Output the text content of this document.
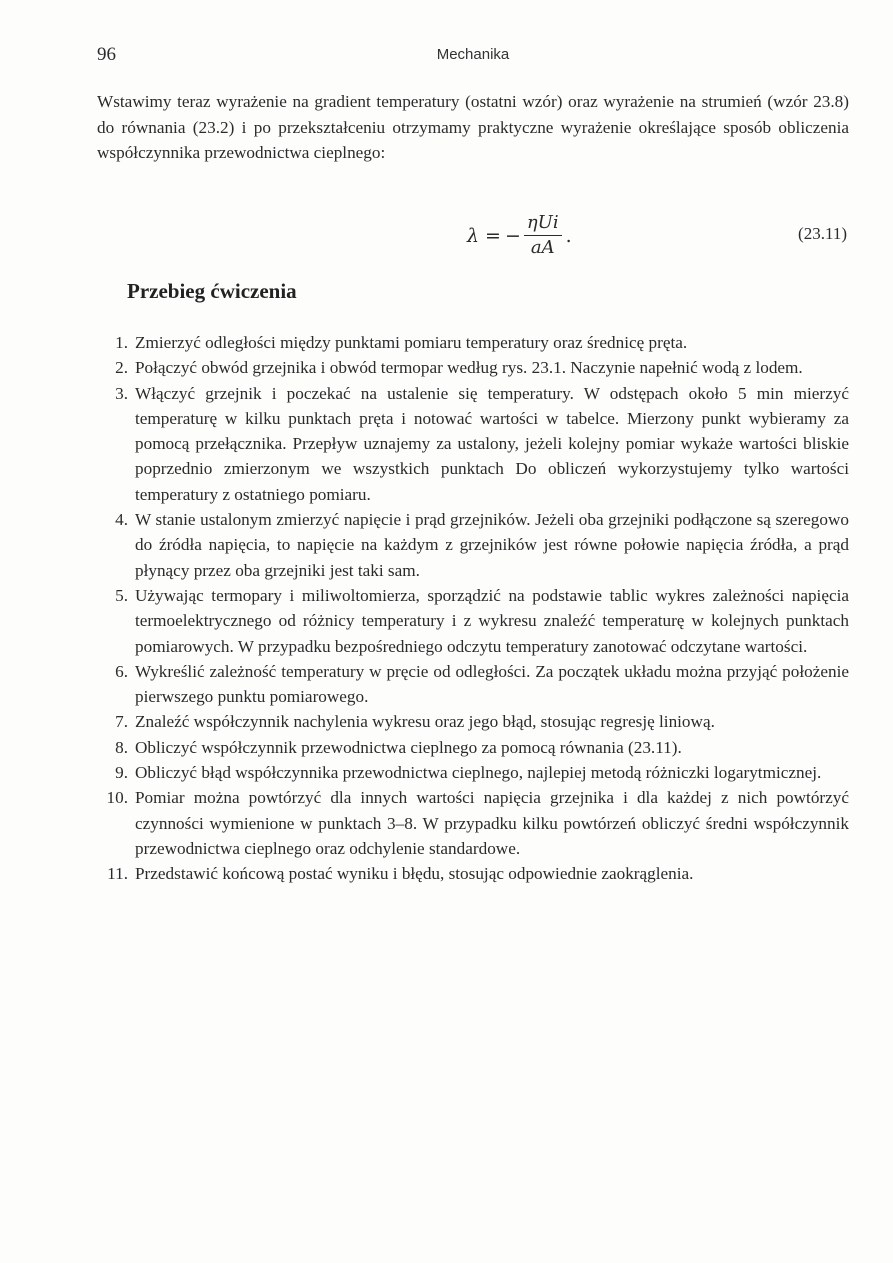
96	Mechanika

Wstawimy teraz wyrażenie na gradient temperatury (ostatni wzór) oraz wyrażenie na strumień (wzór 23.8) do równania (23.2) i po przekształceniu otrzymamy praktyczne wyrażenie określające sposób obliczenia współczynnika przewodnictwa cieplnego:

λ = − $\frac{\text{ηUi}}{aA}$ .	(23.11)
Przebieg ćwiczenia
1. Zmierzyć odległości między punktami pomiaru temperatury oraz średnicę pręta.
2. Połączyć obwód grzejnika i obwód termopar według rys. 23.1. Naczynie napełnić wodą z lodem.
3. Włączyć grzejnik i poczekać na ustalenie się temperatury. W odstępach około 5 min mierzyć temperaturę w kilku punktach pręta i notować wartości w tabelce. Mierzony punkt wybieramy za pomocą przełącznika. Przepływ uznajemy za ustalony, jeżeli kolejny pomiar wykaże wartości bliskie poprzednio zmierzonym we wszystkich punktach Do obliczeń wykorzystujemy tylko wartości temperatury z ostatniego pomiaru.
4. W stanie ustalonym zmierzyć napięcie i prąd grzejników. Jeżeli oba grzejniki podłączone są szeregowo do źródła napięcia, to napięcie na każdym z grzejników jest równe połowie napięcia źródła, a prąd płynący przez oba grzejniki jest taki sam.
5. Używając termopary i miliwoltomierza, sporządzić na podstawie tablic wykres zależności napięcia termoelektrycznego od różnicy temperatury i z wykresu znaleźć temperaturę w kolejnych punktach pomiarowych. W przypadku bezpośredniego odczytu temperatury zanotować odczytane wartości.
6. Wykreślić zależność temperatury w pręcie od odległości. Za początek układu można przyjąć położenie pierwszego punktu pomiarowego.
7. Znaleźć współczynnik nachylenia wykresu oraz jego błąd, stosując regresję liniową.
8. Obliczyć współczynnik przewodnictwa cieplnego za pomocą równania (23.11).
9. Obliczyć błąd współczynnika przewodnictwa cieplnego, najlepiej metodą różniczki logarytmicznej.
10. Pomiar można powtórzyć dla innych wartości napięcia grzejnika i dla każdej z nich powtórzyć czynności wymienione w punktach 3–8. W przypadku kilku powtórzeń obliczyć średni współczynnik przewodnictwa cieplnego oraz odchylenie standardowe.
11. Przedstawić końcową postać wyniku i błędu, stosując odpowiednie zaokrąglenia.
